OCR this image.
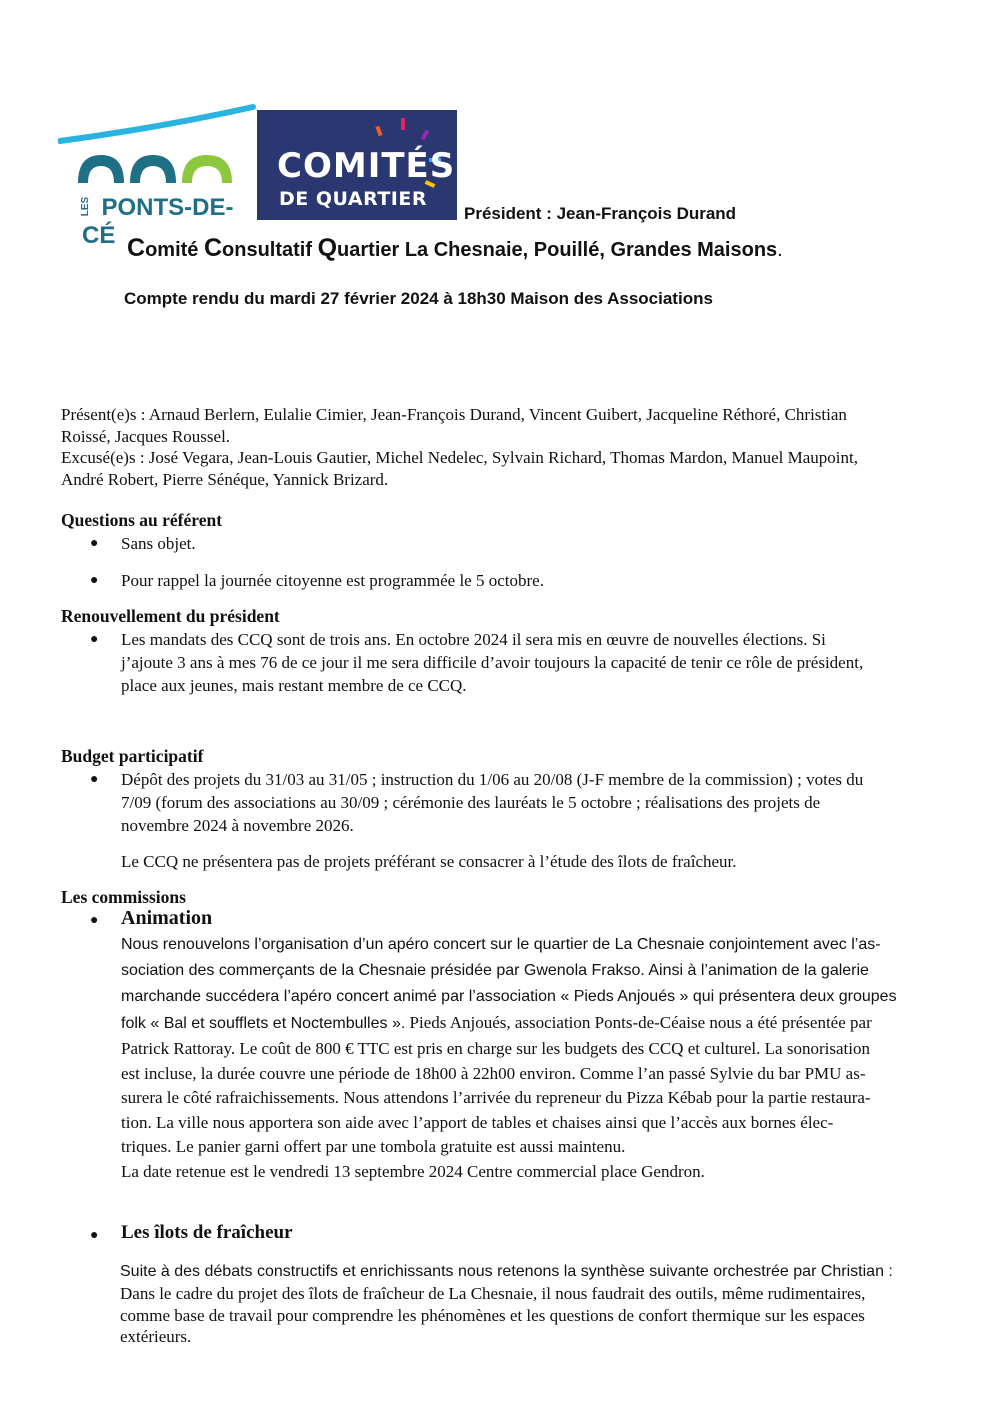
LES PONTS-DE-CÉ
COMITÉS
DE QUARTIER
Président : Jean-François Durand
Comité Consultatif Quartier La Chesnaie, Pouillé, Grandes Maisons.
Compte rendu du mardi 27 février 2024 à 18h30 Maison des Associations
Présent(e)s : Arnaud Berlern, Eulalie Cimier, Jean-François Durand, Vincent Guibert, Jacqueline Réthoré, Christian
Roissé, Jacques Roussel.
Excusé(e)s : José Vegara, Jean-Louis Gautier, Michel Nedelec, Sylvain Richard, Thomas Mardon, Manuel Maupoint,
André Robert, Pierre Sénéque, Yannick Brizard.
Questions au référent
● Sans objet.
● Pour rappel la journée citoyenne est programmée le 5 octobre.
Renouvellement du président
● Les mandats des CCQ sont de trois ans. En octobre 2024 il sera mis en œuvre de nouvelles élections. Si
j’ajoute 3 ans à mes 76 de ce jour il me sera difficile d’avoir toujours la capacité de tenir ce rôle de président,
place aux jeunes, mais restant membre de ce CCQ.
Budget participatif
● Dépôt des projets du 31/03 au 31/05 ; instruction du 1/06 au 20/08 (J-F membre de la commission) ; votes du
7/09 (forum des associations au 30/09 ; cérémonie des lauréats le 5 octobre ; réalisations des projets de
novembre 2024 à novembre 2026.
Le CCQ ne présentera pas de projets préférant se consacrer à l’étude des îlots de fraîcheur.
Les commissions
● Animation
Nous renouvelons l’organisation d’un apéro concert sur le quartier de La Chesnaie conjointement avec l’as-
sociation des commerçants de la Chesnaie présidée par Gwenola Frakso. Ainsi à l’animation de la galerie
marchande succédera l’apéro concert animé par l’association « Pieds Anjoués » qui présentera deux groupes
folk « Bal et soufflets et Noctembulles ». Pieds Anjoués, association Ponts-de-Céaise nous a été présentée par
Patrick Rattoray. Le coût de 800 € TTC est pris en charge sur les budgets des CCQ et culturel. La sonorisation
est incluse, la durée couvre une période de 18h00 à 22h00 environ. Comme l’an passé Sylvie du bar PMU as-
surera le côté rafraichissements. Nous attendons l’arrivée du repreneur du Pizza Kébab pour la partie restaura-
tion. La ville nous apportera son aide avec l’apport de tables et chaises ainsi que l’accès aux bornes élec-
triques. Le panier garni offert par une tombola gratuite est aussi maintenu.
La date retenue est le vendredi 13 septembre 2024 Centre commercial place Gendron.
● Les îlots de fraîcheur
Suite à des débats constructifs et enrichissants nous retenons la synthèse suivante orchestrée par Christian :
Dans le cadre du projet des îlots de fraîcheur de La Chesnaie, il nous faudrait des outils, même rudimentaires,
comme base de travail pour comprendre les phénomènes et les questions de confort thermique sur les espaces
extérieurs.
